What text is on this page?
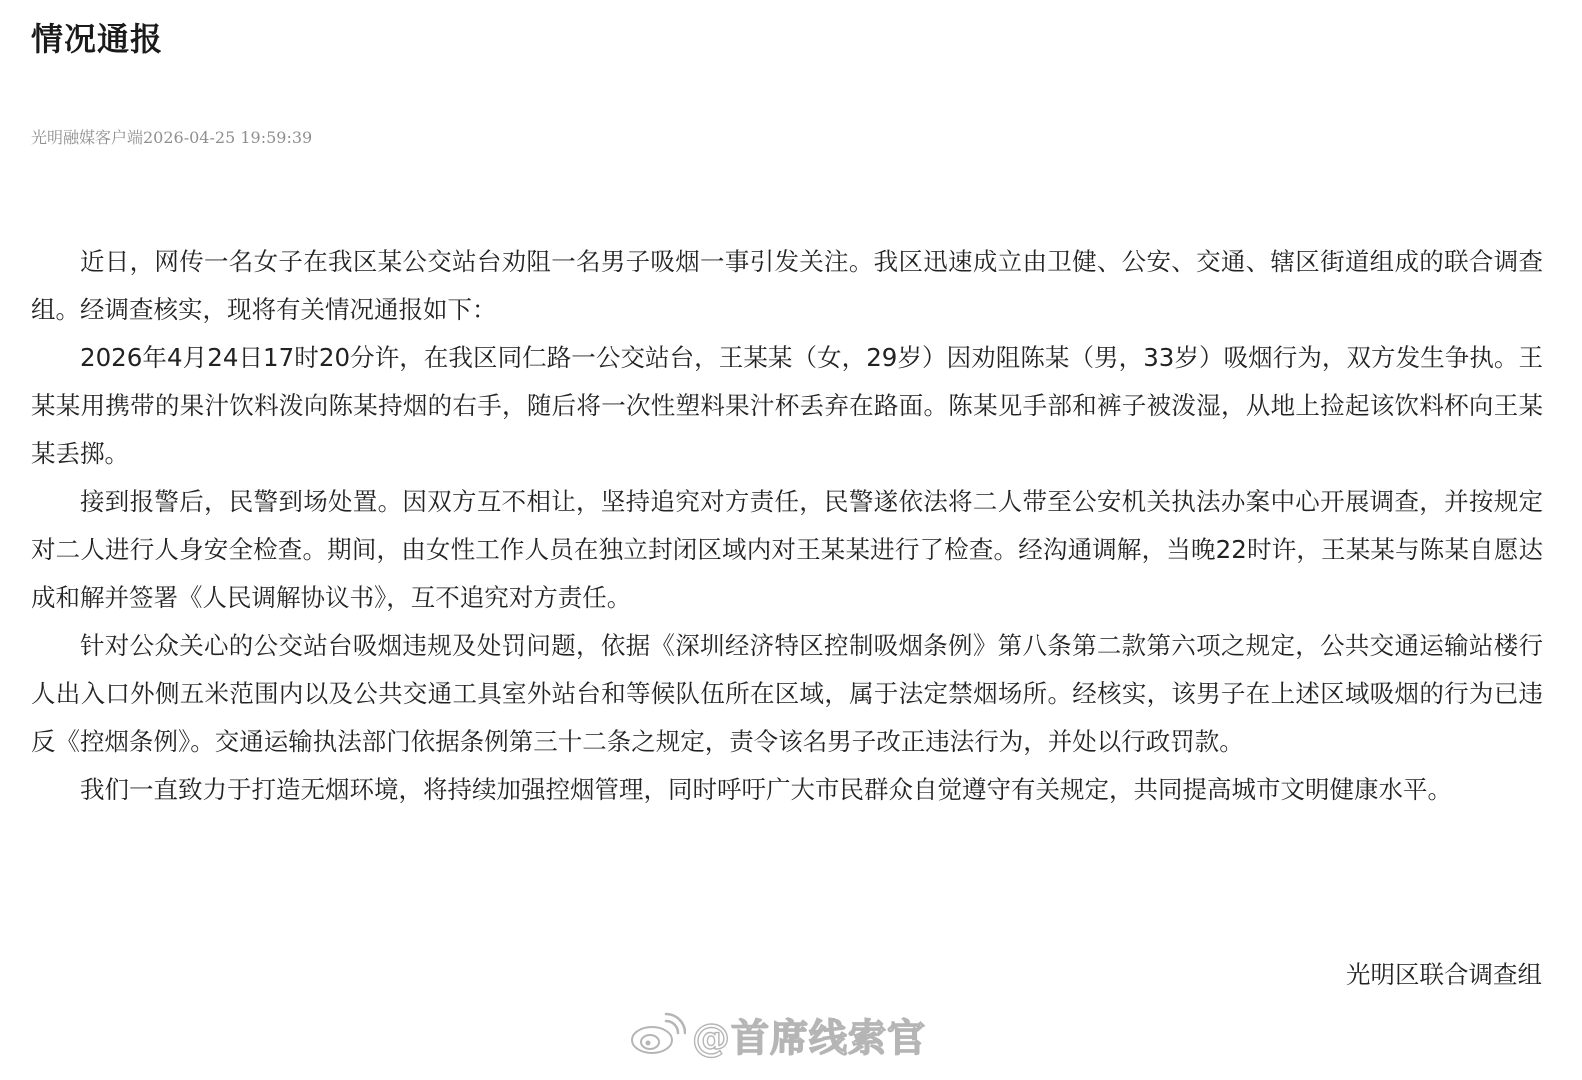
情况通报
光明融媒客户端2026-04-25 19:59:39

近日，网传一名女子在我区某公交站台劝阻一名男子吸烟一事引发关注。我区迅速成立由卫健、公安、交通、辖区街道组成的联合调查组。经调查核实，现将有关情况通报如下：

2026年4月24日17时20分许，在我区同仁路一公交站台，王某某（女，29岁）因劝阻陈某（男，33岁）吸烟行为，双方发生争执。王某某用携带的果汁饮料泼向陈某持烟的右手，随后将一次性塑料果汁杯丢弃在路面。陈某见手部和裤子被泼湿，从地上捡起该饮料杯向王某某丢掷。

接到报警后，民警到场处置。因双方互不相让，坚持追究对方责任，民警遂依法将二人带至公安机关执法办案中心开展调查，并按规定对二人进行人身安全检查。期间，由女性工作人员在独立封闭区域内对王某某进行了检查。经沟通调解，当晚22时许，王某某与陈某自愿达成和解并签署《人民调解协议书》，互不追究对方责任。

针对公众关心的公交站台吸烟违规及处罚问题，依据《深圳经济特区控制吸烟条例》第八条第二款第六项之规定，公共交通运输站楼行人出入口外侧五米范围内以及公共交通工具室外站台和等候队伍所在区域，属于法定禁烟场所。经核实，该男子在上述区域吸烟的行为已违反《控烟条例》。交通运输执法部门依据条例第三十二条之规定，责令该名男子改正违法行为，并处以行政罚款。

我们一直致力于打造无烟环境，将持续加强控烟管理，同时呼吁广大市民群众自觉遵守有关规定，共同提高城市文明健康水平。

光明区联合调查组
@首席线索官
